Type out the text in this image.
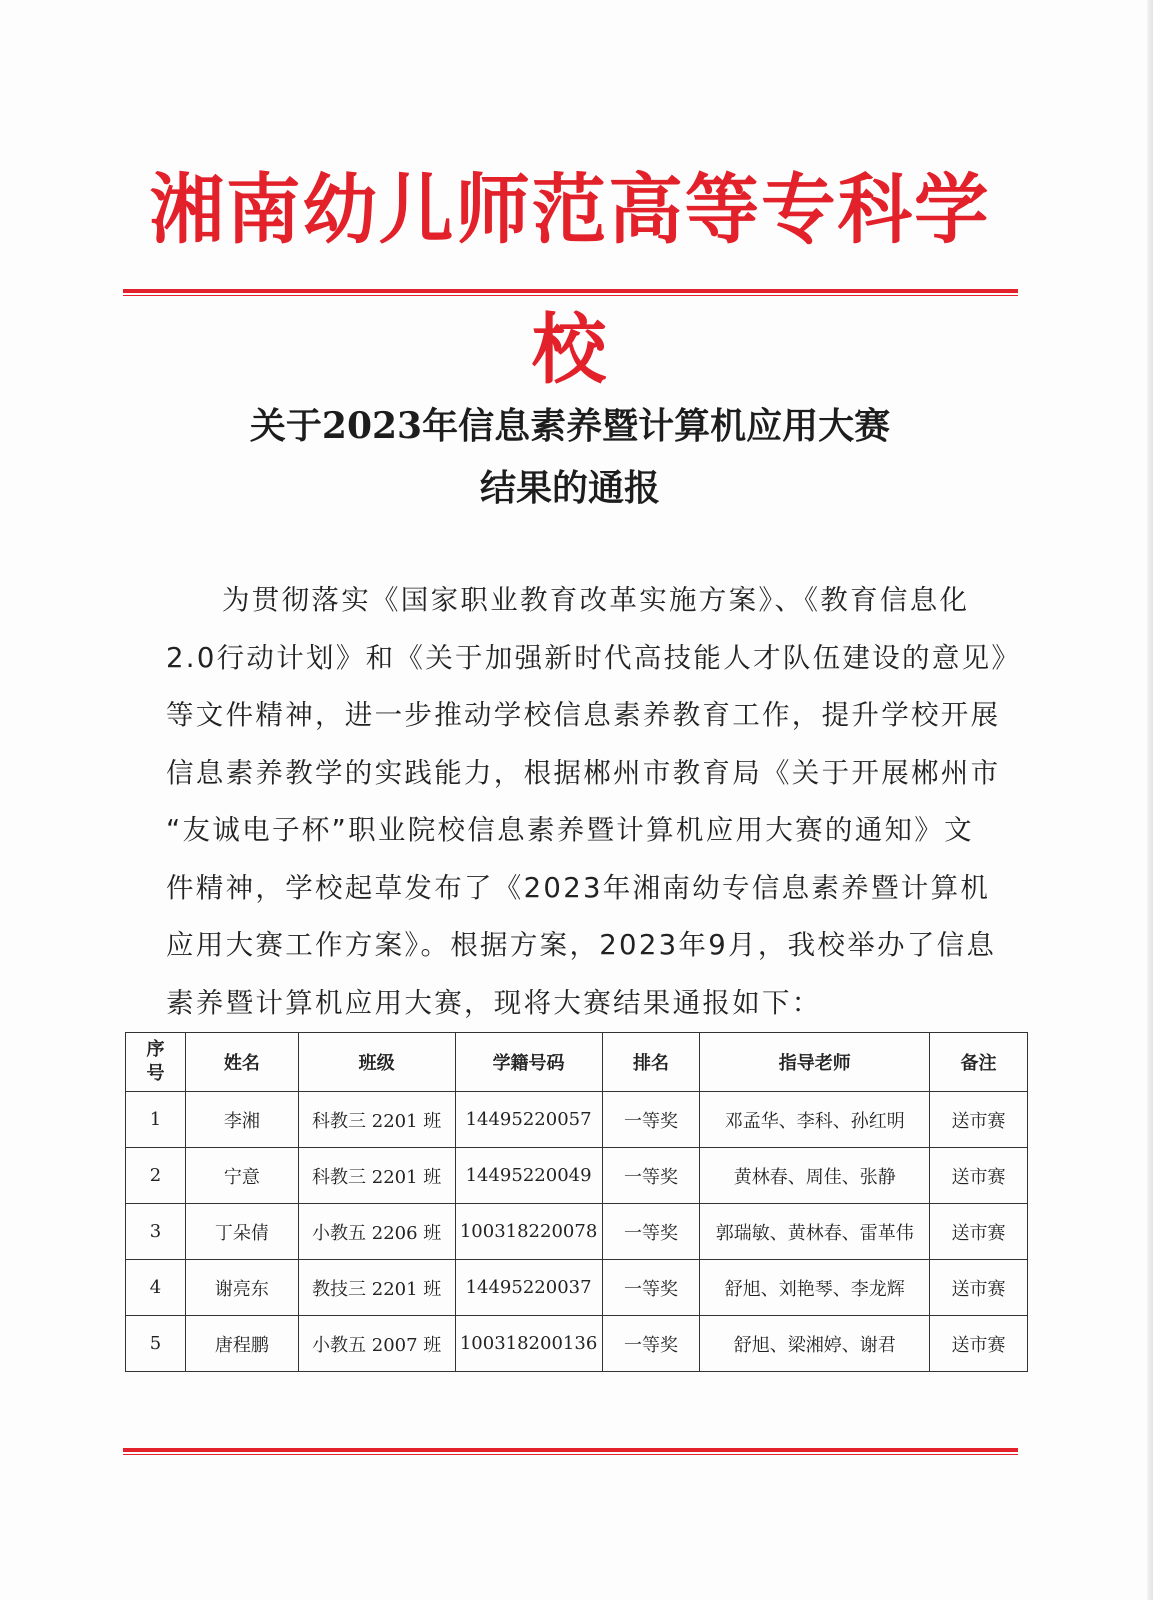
湘南幼儿师范高等专科学校
关于2023年信息素养暨计算机应用大赛
结果的通报
为贯彻落实《国家职业教育改革实施方案》、《教育信息化
2.0行动计划》和《关于加强新时代高技能人才队伍建设的意见》
等文件精神，进一步推动学校信息素养教育工作，提升学校开展
信息素养教学的实践能力，根据郴州市教育局《关于开展郴州市
“友诚电子杯”职业院校信息素养暨计算机应用大赛的通知》文
件精神，学校起草发布了《2023年湘南幼专信息素养暨计算机
应用大赛工作方案》。根据方案，2023年9月，我校举办了信息
素养暨计算机应用大赛，现将大赛结果通报如下：
序
号	姓名	班级	学籍号码	排名	指导老师	备注
1	李湘	科教三 2201 班	14495220057	一等奖	邓孟华、李科、孙红明	送市赛
2	宁意	科教三 2201 班	14495220049	一等奖	黄林春、周佳、张静	送市赛
3	丁朵倩	小教五 2206 班	100318220078	一等奖	郭瑞敏、黄林春、雷革伟	送市赛
4	谢亮东	教技三 2201 班	14495220037	一等奖	舒旭、刘艳琴、李龙辉	送市赛
5	唐程鹏	小教五 2007 班	100318200136	一等奖	舒旭、梁湘婷、谢君	送市赛
